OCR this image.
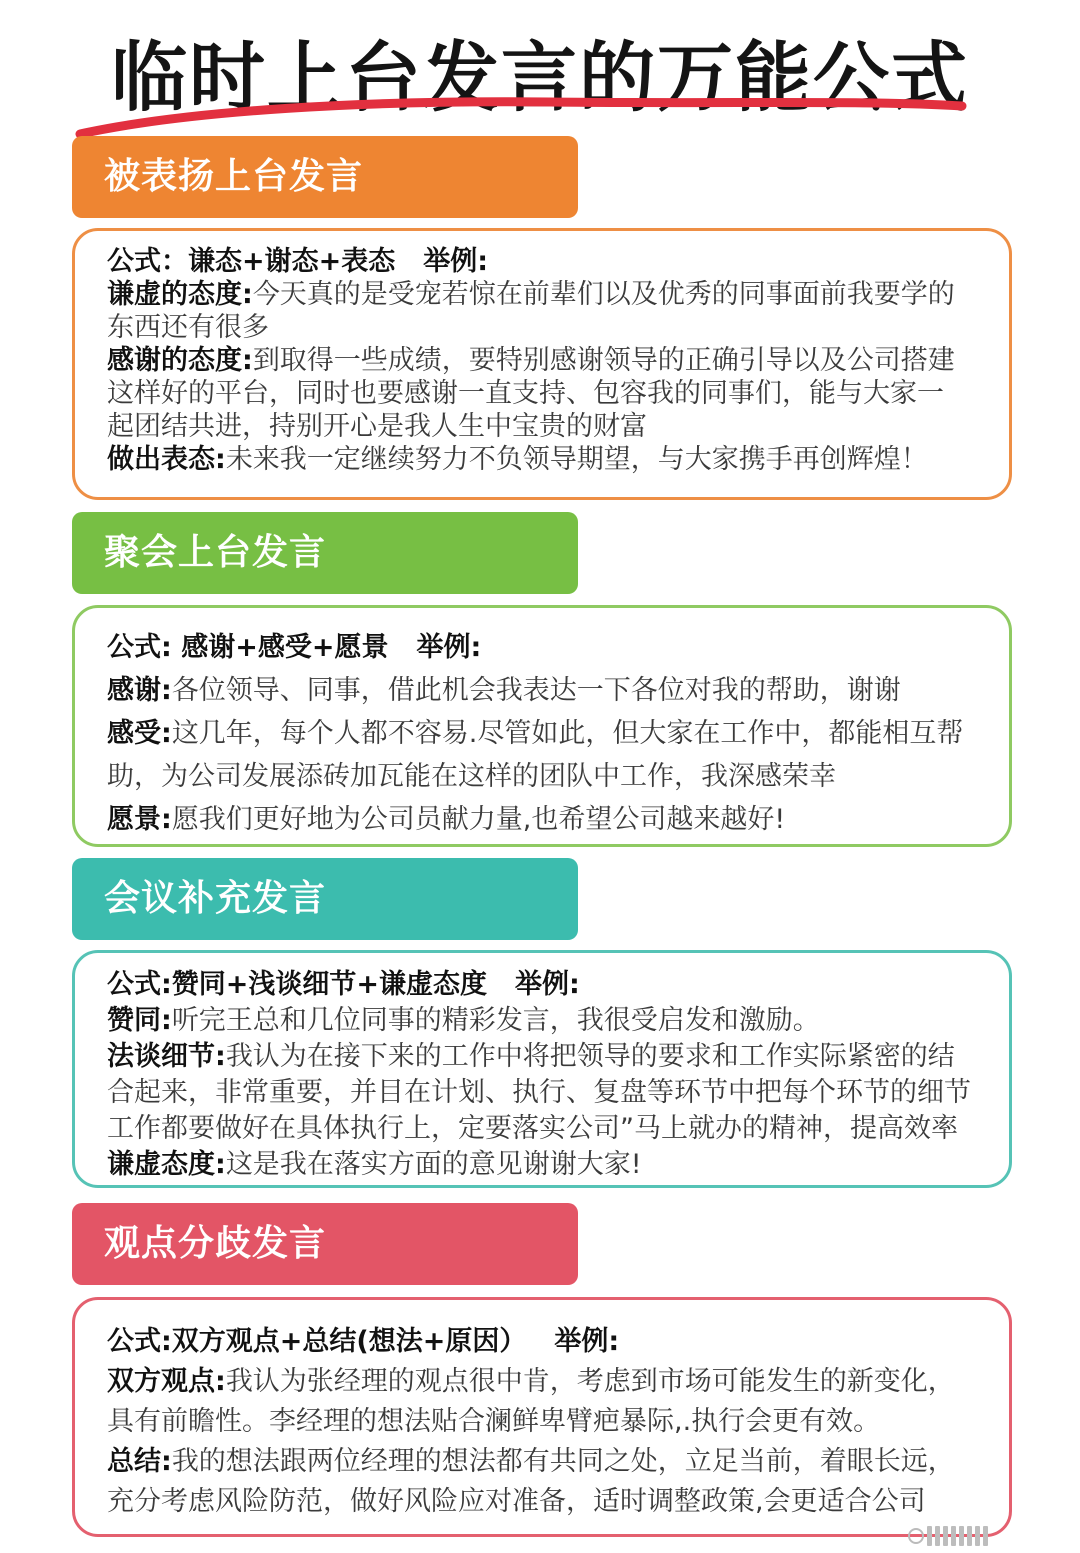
临时上台发言的万能公式
被表扬上台发言
公式：谦态+谢态+表态 举例:
谦虚的态度:今天真的是受宠若惊在前辈们以及优秀的同事面前我要学的
东西还有很多
感谢的态度:到取得一些成绩，要特别感谢领导的正确引导以及公司搭建
这样好的平台，同时也要感谢一直支持、包容我的同事们，能与大家一
起团结共进，持别开心是我人生中宝贵的财富
做出表态:未来我一定继续努力不负领导期望，与大家携手再创辉煌！
聚会上台发言
公式: 感谢+感受+愿景 举例:
感谢:各位领导、同事，借此机会我表达一下各位对我的帮助，谢谢
感受:这几年，每个人都不容易.尽管如此，但大家在工作中，都能相互帮
助，为公司发展添砖加瓦能在这样的团队中工作，我深感荣幸
愿景:愿我们更好地为公司员献力量,也希望公司越来越好!
会议补充发言
公式:赞同+浅谈细节+谦虚态度 举例:
赞同:听完王总和几位同事的精彩发言，我很受启发和激励。
法谈细节:我认为在接下来的工作中将把领导的要求和工作实际紧密的结
合起来，非常重要，并目在计划、执行、复盘等环节中把每个环节的细节
工作都要做好在具体执行上，定要落实公司”马上就办的精神，提高效率
谦虚态度:这是我在落实方面的意见谢谢大家!
观点分歧发言
公式:双方观点+总结(想法+原因） 举例:
双方观点:我认为张经理的观点很中肯，考虑到市场可能发生的新变化，
具有前瞻性。李经理的想法贴合澜鲜卑臂疤暴际,.执行会更有效。
总结:我的想法跟两位经理的想法都有共同之处，立足当前，着眼长远，
充分考虑风险防范，做好风险应对准备，适时调整政策,会更适合公司
